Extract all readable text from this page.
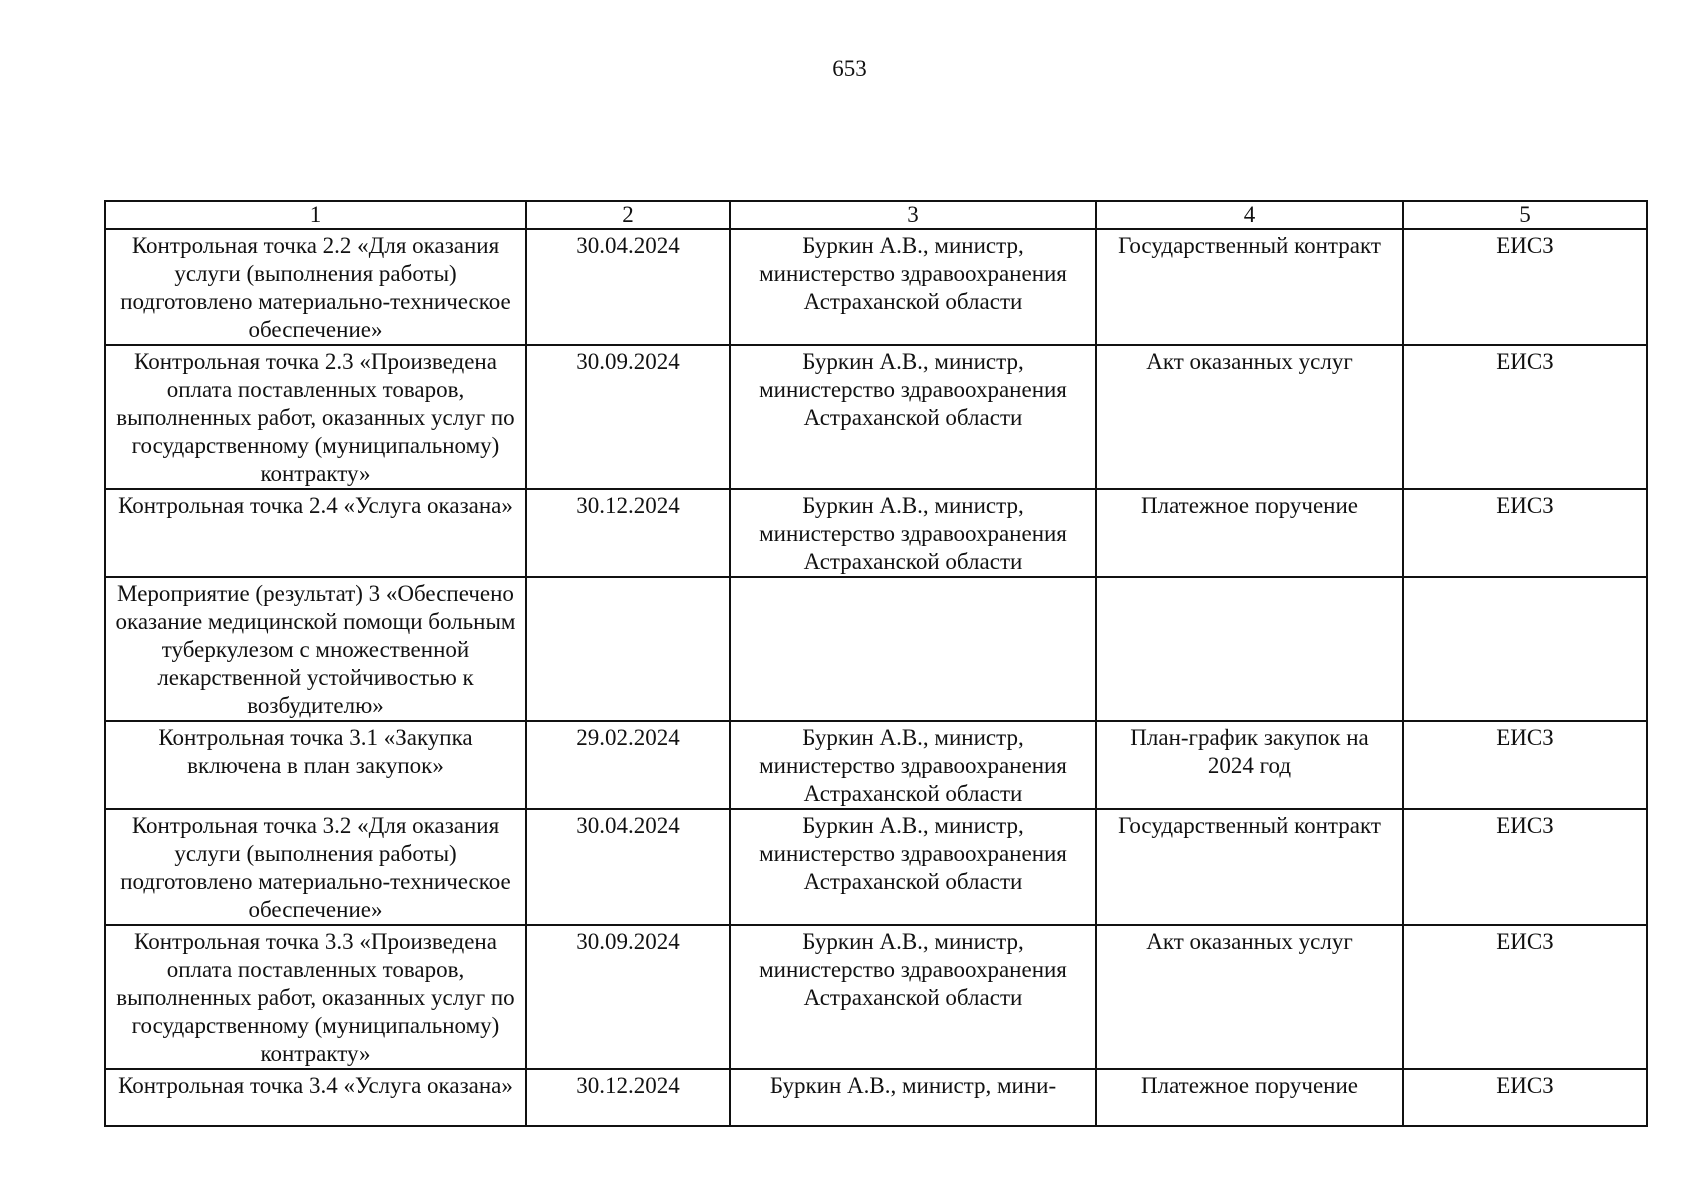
653
1	2	3	4	5
Контрольная точка 2.2 «Для оказания услуги (выполнения работы) подготовлено материально-техническое обеспечение»	30.04.2024	Буркин А.В., министр, министерство здравоохранения Астраханской области	Государственный контракт	ЕИСЗ
Контрольная точка 2.3 «Произведена оплата поставленных товаров, выполненных работ, оказанных услуг по государственному (муниципальному) контракту»	30.09.2024	Буркин А.В., министр, министерство здравоохранения Астраханской области	Акт оказанных услуг	ЕИСЗ
Контрольная точка 2.4 «Услуга оказана»	30.12.2024	Буркин А.В., министр, министерство здравоохранения Астраханской области	Платежное поручение	ЕИСЗ
Мероприятие (результат) 3 «Обеспечено оказание медицинской помощи больным туберкулезом с множественной лекарственной устойчивостью к возбудителю»				
Контрольная точка 3.1 «Закупка включена в план закупок»	29.02.2024	Буркин А.В., министр, министерство здравоохранения Астраханской области	План-график закупок на 2024 год	ЕИСЗ
Контрольная точка 3.2 «Для оказания услуги (выполнения работы) подготовлено материально-техническое обеспечение»	30.04.2024	Буркин А.В., министр, министерство здравоохранения Астраханской области	Государственный контракт	ЕИСЗ
Контрольная точка 3.3 «Произведена оплата поставленных товаров, выполненных работ, оказанных услуг по государственному (муниципальному) контракту»	30.09.2024	Буркин А.В., министр, министерство здравоохранения Астраханской области	Акт оказанных услуг	ЕИСЗ
Контрольная точка 3.4 «Услуга оказана»	30.12.2024	Буркин А.В., министр, мини-	Платежное поручение	ЕИСЗ
